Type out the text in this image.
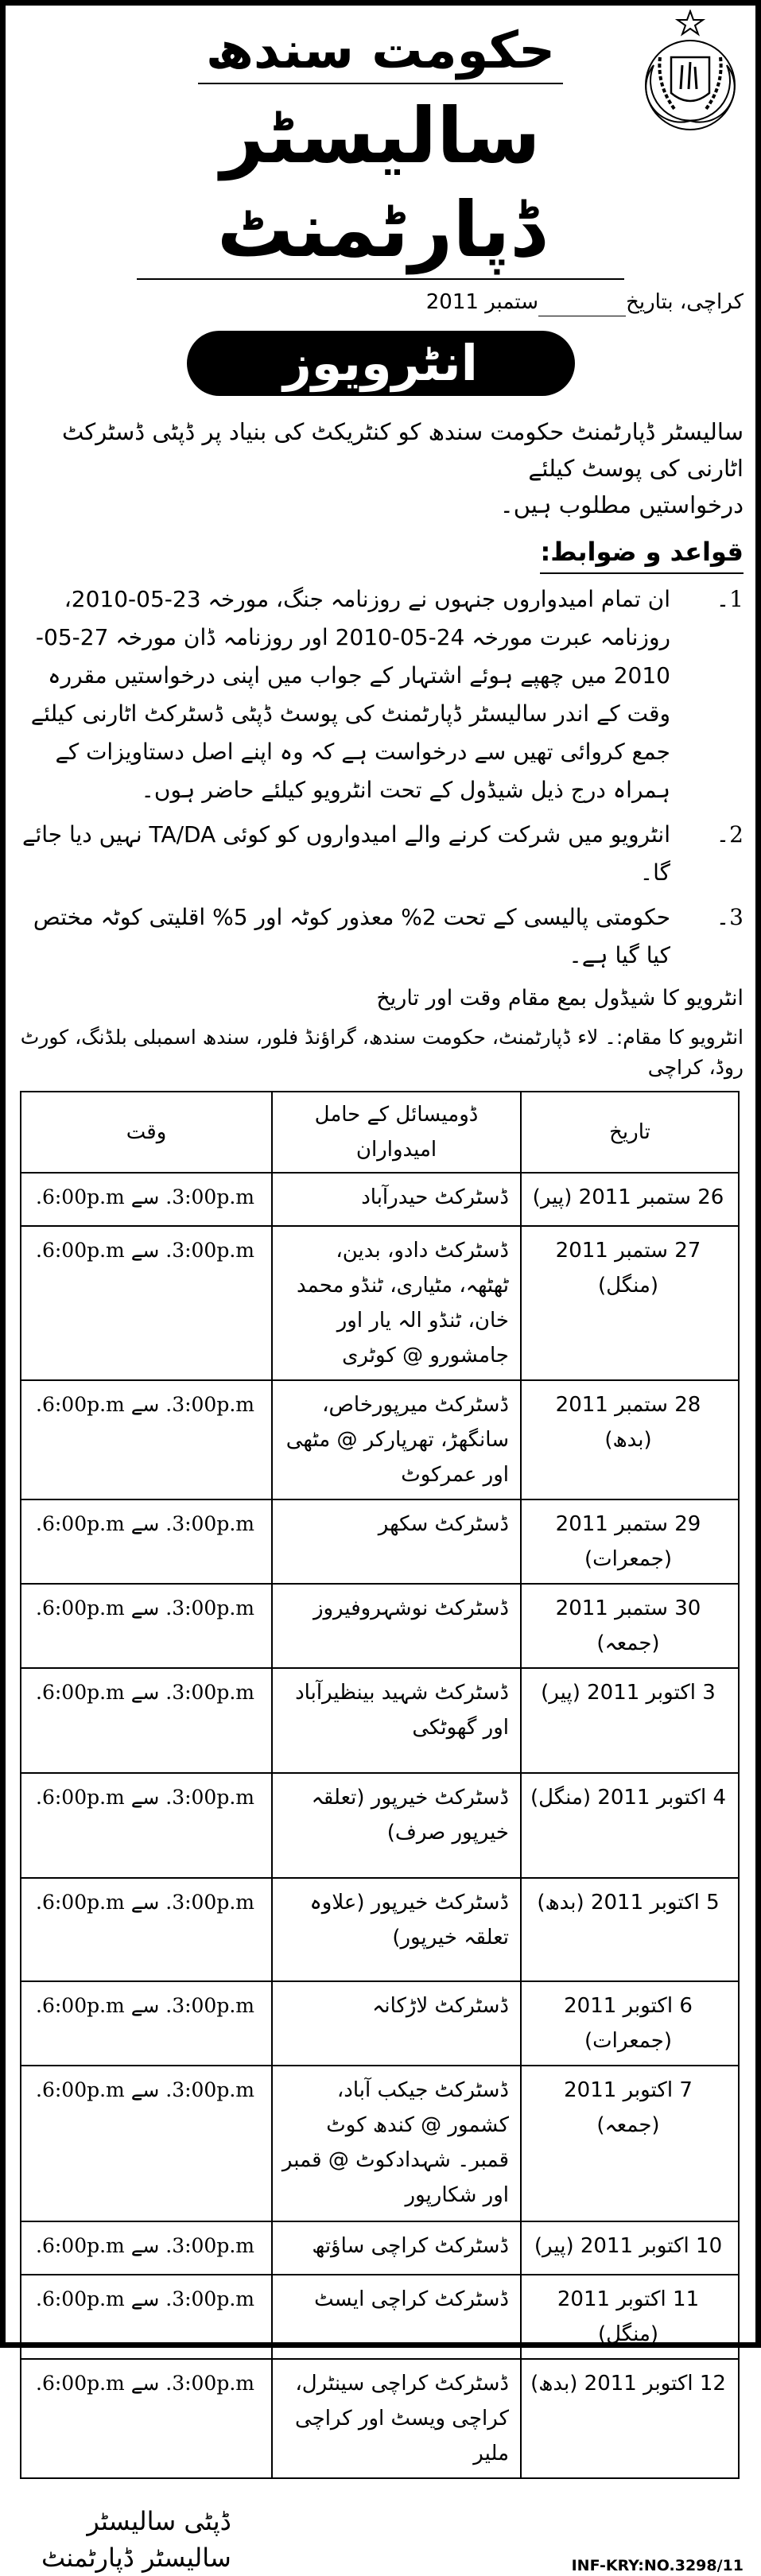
حکومت سندھ
سالیسٹر ڈپارٹمنٹ
کراچی، بتاریخستمبر 2011
انٹرویوز
سالیسٹر ڈپارٹمنٹ حکومت سندھ کو کنٹریکٹ کی بنیاد پر ڈپٹی ڈسٹرکٹ اٹارنی کی پوسٹ کیلئے
درخواستیں مطلوب ہیں۔
قواعد و ضوابط:
1۔
ان تمام امیدواروں جنہوں نے روزنامہ جنگ، مورخہ 23-05-2010، روزنامہ عبرت مورخہ 24-05-2010 اور روزنامہ ڈان مورخہ 27-05-2010 میں چھپے ہوئے اشتہار کے جواب میں اپنی درخواستیں مقررہ وقت کے اندر سالیسٹر ڈپارٹمنٹ کی پوسٹ ڈپٹی ڈسٹرکٹ اٹارنی کیلئے جمع کروائی تھیں سے درخواست ہے کہ وہ اپنے اصل دستاویزات کے ہمراہ درج ذیل شیڈول کے تحت انٹرویو کیلئے حاضر ہوں۔
2۔
انٹرویو میں شرکت کرنے والے امیدواروں کو کوئی TA/DA نہیں دیا جائے گا۔
3۔
حکومتی پالیسی کے تحت 2% معذور کوٹہ اور 5% اقلیتی کوٹہ مختص کیا گیا ہے۔
انٹرویو کا شیڈول بمع مقام وقت اور تاریخ
انٹرویو کا مقام:۔ لاء ڈپارٹمنٹ، حکومت سندھ، گراؤنڈ فلور، سندھ اسمبلی بلڈنگ، کورٹ روڈ، کراچی
تاریخ	ڈومیسائل کے حامل امیدواران	وقت
26 ستمبر 2011 (پیر)	ڈسٹرکٹ حیدرآباد	3:00p.m. سے 6:00p.m.
27 ستمبر 2011 (منگل)	ڈسٹرکٹ دادو، بدین، ٹھٹھہ، مٹیاری، ٹنڈو محمد خان، ٹنڈو الہ یار اور جامشورو @ کوٹری	3:00p.m. سے 6:00p.m.
28 ستمبر 2011 (بدھ)	ڈسٹرکٹ میرپورخاص، سانگھڑ، تھرپارکر @ مٹھی اور عمرکوٹ	3:00p.m. سے 6:00p.m.
29 ستمبر 2011 (جمعرات)	ڈسٹرکٹ سکھر	3:00p.m. سے 6:00p.m.
30 ستمبر 2011 (جمعہ)	ڈسٹرکٹ نوشہروفیروز	3:00p.m. سے 6:00p.m.
3 اکتوبر 2011 (پیر)	ڈسٹرکٹ شہید بینظیرآباد اور گھوٹکی	3:00p.m. سے 6:00p.m.
4 اکتوبر 2011 (منگل)	ڈسٹرکٹ خیرپور (تعلقہ خیرپور صرف)	3:00p.m. سے 6:00p.m.
5 اکتوبر 2011 (بدھ)	ڈسٹرکٹ خیرپور (علاوہ تعلقہ خیرپور)	3:00p.m. سے 6:00p.m.
6 اکتوبر 2011 (جمعرات)	ڈسٹرکٹ لاڑکانہ	3:00p.m. سے 6:00p.m.
7 اکتوبر 2011 (جمعہ)	ڈسٹرکٹ جیکب آباد، کشمور @ کندھ کوٹ قمبر۔ شہدادکوٹ @ قمبر اور شکارپور	3:00p.m. سے 6:00p.m.
10 اکتوبر 2011 (پیر)	ڈسٹرکٹ کراچی ساؤتھ	3:00p.m. سے 6:00p.m.
11 اکتوبر 2011 (منگل)	ڈسٹرکٹ کراچی ایسٹ	3:00p.m. سے 6:00p.m.
12 اکتوبر 2011 (بدھ)	ڈسٹرکٹ کراچی سینٹرل، کراچی ویسٹ اور کراچی ملیر	3:00p.m. سے 6:00p.m.
ڈپٹی سالیسٹر
سالیسٹر ڈپارٹمنٹ	INF-KRY:NO.3298/11
